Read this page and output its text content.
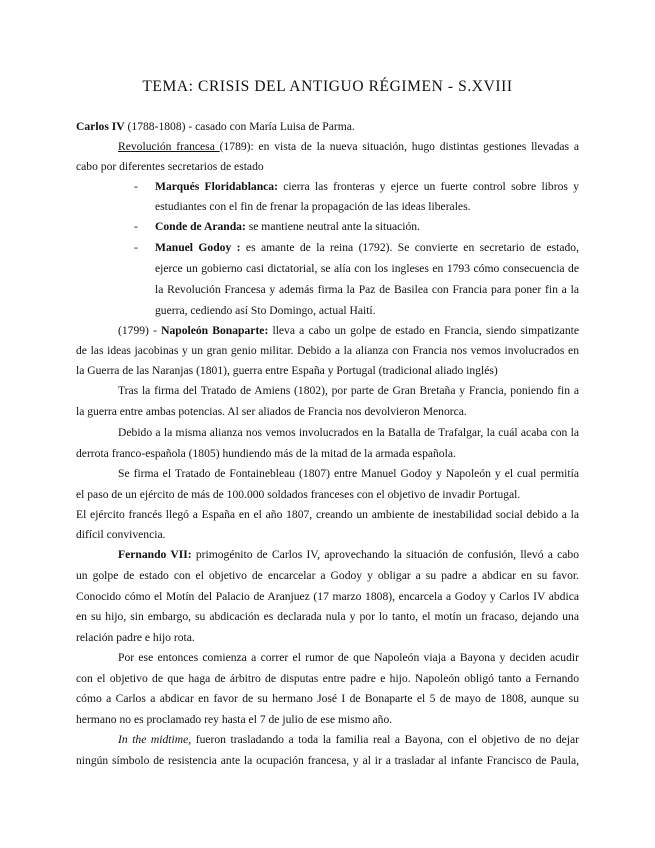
TEMA: CRISIS DEL ANTIGUO RÉGIMEN - S.XVIII
Carlos IV (1788-1808) - casado con María Luisa de Parma.
Revolución francesa (1789): en vista de la nueva situación, hugo distintas gestiones llevadas a
cabo por diferentes secretarios de estado
- Marqués Floridablanca: cierra las fronteras y ejerce un fuerte control sobre libros y
estudiantes con el fin de frenar la propagación de las ideas liberales.
- Conde de Aranda: se mantiene neutral ante la situación.
- Manuel Godoy : es amante de la reina (1792). Se convierte en secretario de estado,
ejerce un gobierno casi dictatorial, se alía con los ingleses en 1793 cómo consecuencia de
la Revolución Francesa y además firma la Paz de Basilea con Francia para poner fin a la
guerra, cediendo así Sto Domingo, actual Haití.
(1799) - Napoleón Bonaparte: lleva a cabo un golpe de estado en Francia, siendo simpatizante
de las ideas jacobinas y un gran genio militar. Debido a la alianza con Francia nos vemos involucrados en
la Guerra de las Naranjas (1801), guerra entre España y Portugal (tradicional aliado inglés)
Tras la firma del Tratado de Amiens (1802), por parte de Gran Bretaña y Francia, poniendo fin a
la guerra entre ambas potencias. Al ser aliados de Francia nos devolvieron Menorca.
Debido a la misma alianza nos vemos involucrados en la Batalla de Trafalgar, la cuál acaba con la
derrota franco-española (1805) hundiendo más de la mitad de la armada española.
Se firma el Tratado de Fontainebleau (1807) entre Manuel Godoy y Napoleón y el cual permitía
el paso de un ejército de más de 100.000 soldados franceses con el objetivo de invadir Portugal.
El ejército francés llegó a España en el año 1807, creando un ambiente de inestabilidad social debido a la
difícil convivencia.
Fernando VII: primogénito de Carlos IV, aprovechando la situación de confusión, llevó a cabo
un golpe de estado con el objetivo de encarcelar a Godoy y obligar a su padre a abdicar en su favor.
Conocido cómo el Motín del Palacio de Aranjuez (17 marzo 1808), encarcela a Godoy y Carlos IV abdica
en su hijo, sin embargo, su abdicación es declarada nula y por lo tanto, el motín un fracaso, dejando una
relación padre e hijo rota.
Por ese entonces comienza a correr el rumor de que Napoleón viaja a Bayona y deciden acudir
con el objetivo de que haga de árbitro de disputas entre padre e hijo. Napoleón obligó tanto a Fernando
cómo a Carlos a abdicar en favor de su hermano José I de Bonaparte el 5 de mayo de 1808, aunque su
hermano no es proclamado rey hasta el 7 de julio de ese mismo año.
In the midtime, fueron trasladando a toda la familia real a Bayona, con el objetivo de no dejar
ningún símbolo de resistencia ante la ocupación francesa, y al ir a trasladar al infante Francisco de Paula,
